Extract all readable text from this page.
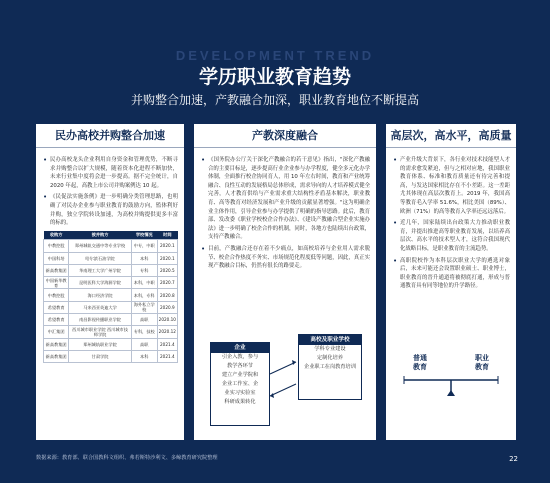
DEVELOPMENT TREND
学历职业教育趋势
并购整合加速，产教融合加深，职业教育地位不断提高
民办高校并购整合加速

• 民办高校龙头企业利用自身资金和管理优势，不断寻求并购整合以扩大规模，随着资本化进程不断加快，未来行业集中度将会进一步提高。据不完全统计，自 2020 年起，高教上市公司并购案例达 10 起。

• 《民促法实施条例》进一步明确分类管理思路，也明确了对民办企业参与职业教育的鼓励方向，監体利好并购，独立学院转设加速，为高校并购提供更多丰富的标的。

收购方	被并购方	学校情况	时间
中教控股	郑州城轨交通中等专业学校	中专，中职	2020.1
中国科培	哈尔滨石油学院	本科	2020.1
新高教集团	华南理工大学广州学院	专科	2020.5
中国新华教育	昆明医科大学海源学院	本科，中职	2020.7
中教控股	海口经济学院	本科，专科	2020.8
希望教育	马来西亚英迪大学	海外私立学校	2020.9
希望教育	南昌影视传播职业学院	高职	2020.10
中汇集团	西川城市职业学院 西川城市技师学院	专科，技校	2020.12
新高教集团	郑州城轨职业学院	高职	2021.4
新高教集团	甘肃学院	本科	2021.4
产教深度融合

• 《国务院办公厅关于深化产教融合的若干意见》指出，"深化产教融合的主要目标是，逐步提高行业企业参与办学程度，健全多元化办学体制，全面推行校企协同育人，用 10 年左右时间，教育和产业统筹融合、良性互动的发展格局总体形成，需求导向的人才培养模式健全完善，人才教育供给与产业需求重大结构性矛盾基本解决，职业教育、高等教育对经济发展和产业升级的贡献显著增强。"这为明确企业主体作用，引导企业参与办学提供了明确的指导思路。此后，教育部、发改委《职业学校校企合作办法》、《建设产教融合型企业实施办法》进一步明确了校企合作的机制，同时，各地方也陆续出台政策，支持产教融合。

• 目前，产教融合还存在着不少痛点，如高校培养与企业用人需求脱节、校企合作热度不务实、市场规范化程度低等问题，因此，真正实现产教融合目标，仍然有很长的路要走。

企业
引企入教，参与
教学各环节
建立产业学院和
企业工作室、企
业实习实验室
科研成果转化
高校及职业学校
学科专业建设
定制化培养
企业职工在岗教育培训
高层次，高水平，高质量

• 产业升级大背景下，各行业对技术技能型人才的需求愈发紧迫，但与之相对应地，我国职业教育体系、标准和教育质量还有待完善和提高，与发达国家相比存在不小差距。这一差距尤其体现在高层次教育上。2019 年，我国高等教育毛入学率 51.6%，相比美国（89%）、欧洲（71%）的高等教育入学率还远远落后。

• 近几年，国家陆续出台政策大力推动职业教育，并提出推进高等职业教育发展，以培养高层次、高水平的技术型人才，这符合我国现代化战略目标，是职业教育的主流趋势。

• 高职院校作为本科层次职业大学的遴选对象后，未来可能还会设置职业硕士、职业博士，职业教育的晋升通道将被彻底打通，形成与普通教育具有同等地位的升学路径。

普通
教育
职业
教育
数据来源：教育部、联合国教科文组织、弗若斯特沙利文、多鲸教育研究院整理	22
